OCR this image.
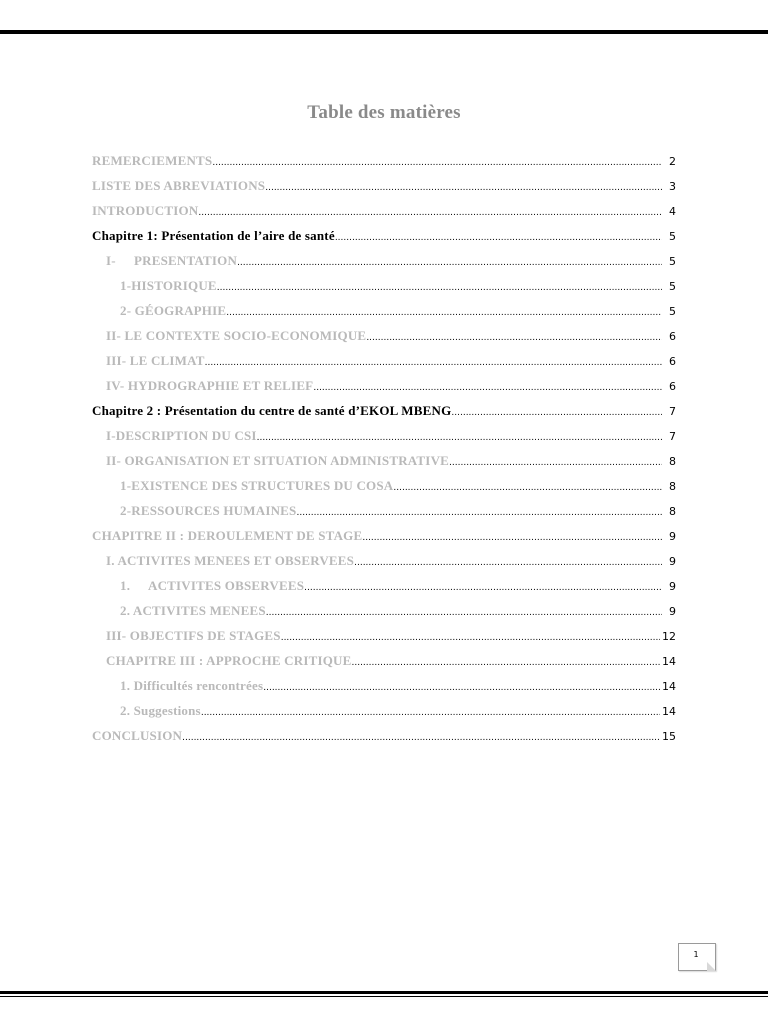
Table des matières
REMERCIEMENTS .....	2
LISTE DES ABREVIATIONS .....	3
INTRODUCTION .....	4
Chapitre 1: Présentation de l’aire de santé .....	5
I- PRESENTATION .....	5
1-HISTORIQUE .....	5
2- GÉOGRAPHIE .....	5
II- LE CONTEXTE SOCIO-ECONOMIQUE .....	6
III- LE CLIMAT .....	6
IV- HYDROGRAPHIE ET RELIEF .....	6
Chapitre 2 : Présentation du centre de santé d’EKOL MBENG .....	7
I-DESCRIPTION DU CSI .....	7
II- ORGANISATION ET SITUATION ADMINISTRATIVE .....	8
1-EXISTENCE DES STRUCTURES DU COSA .....	8
2-RESSOURCES HUMAINES .....	8
CHAPITRE II : DEROULEMENT DE STAGE .....	9
I. ACTIVITES MENEES ET OBSERVEES .....	9
1. ACTIVITES OBSERVEES .....	9
2. ACTIVITES MENEES .....	9
III- OBJECTIFS DE STAGES .....	12
CHAPITRE III : APPROCHE CRITIQUE .....	14
1. Difficultés rencontrées .....	14
2. Suggestions .....	14
CONCLUSION .....	15
1
